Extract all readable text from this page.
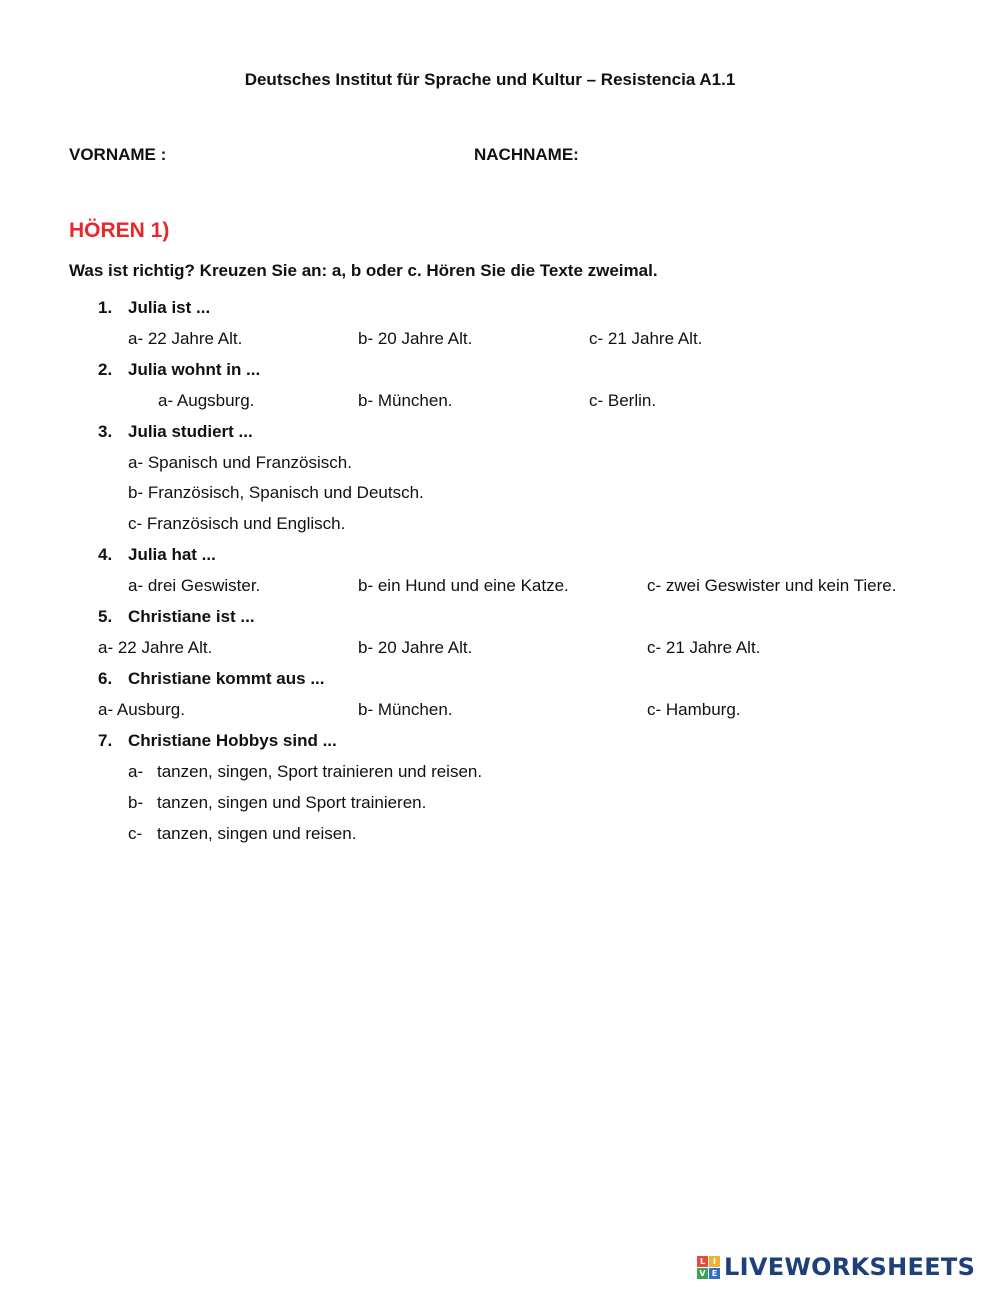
Deutsches Institut für Sprache und Kultur – Resistencia A1.1
VORNAME :	NACHNAME:
HÖREN 1)
Was ist richtig? Kreuzen Sie an: a, b oder c. Hören Sie die Texte zweimal.
1. Julia ist ...
a- 22 Jahre Alt.	b- 20 Jahre Alt.	c- 21 Jahre Alt.
2. Julia wohnt in ...
a- Augsburg.	b- München.	c- Berlin.
3. Julia studiert ...
a- Spanisch und Französisch.
b- Französisch, Spanisch und Deutsch.
c- Französisch und Englisch.
4. Julia hat ...
a- drei Geswister.	b- ein Hund und eine Katze.	c- zwei Geswister und kein Tiere.
5. Christiane ist ...
a- 22 Jahre Alt.	b- 20 Jahre Alt.	c- 21 Jahre Alt.
6. Christiane kommt aus ...
a- Ausburg.	b- München.	c- Hamburg.
7. Christiane Hobbys sind ...
a- tanzen, singen, Sport trainieren und reisen.
b- tanzen, singen und Sport trainieren.
c- tanzen, singen und reisen.
L I
V E LIVEWORKSHEETS
